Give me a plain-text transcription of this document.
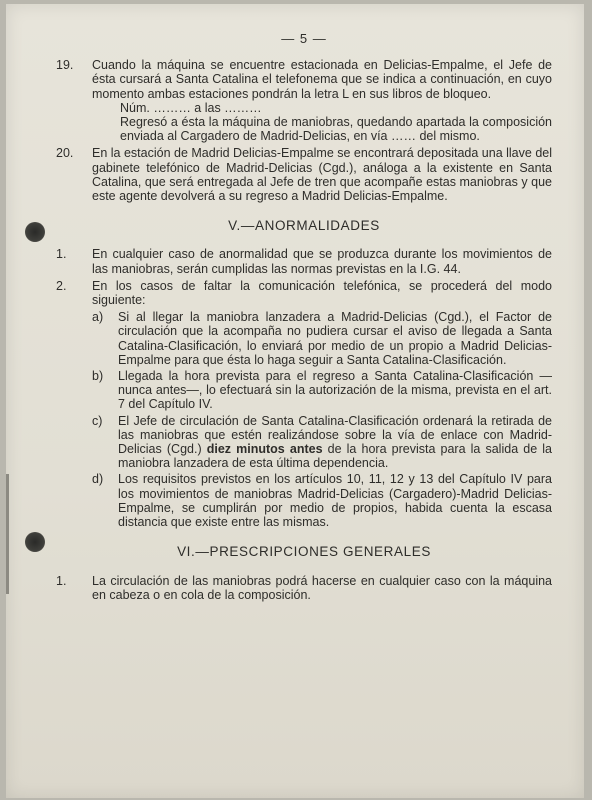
— 5 —
19. Cuando la máquina se encuentre estacionada en Delicias-Empalme, el Jefe de ésta cursará a Santa Catalina el telefonema que se indica a continuación, en cuyo momento ambas estaciones pondrán la letra L en sus libros de bloqueo.
Núm. ……… a las ………
Regresó a ésta la máquina de maniobras, quedando apartada la composición enviada al Cargadero de Madrid-Delicias, en vía …… del mismo.
20. En la estación de Madrid Delicias-Empalme se encontrará depositada una llave del gabinete telefónico de Madrid-Delicias (Cgd.), análoga a la existente en Santa Catalina, que será entregada al Jefe de tren que acompañe estas maniobras y que este agente devolverá a su regreso a Madrid Delicias-Empalme.
V.—ANORMALIDADES
1. En cualquier caso de anormalidad que se produzca durante los movimientos de las maniobras, serán cumplidas las normas previstas en la I.G. 44.
2. En los casos de faltar la comunicación telefónica, se procederá del modo siguiente:
a) Si al llegar la maniobra lanzadera a Madrid-Delicias (Cgd.), el Factor de circulación que la acompaña no pudiera cursar el aviso de llegada a Santa Catalina-Clasificación, lo enviará por medio de un propio a Madrid Delicias-Empalme para que ésta lo haga seguir a Santa Catalina-Clasificación.
b) Llegada la hora prevista para el regreso a Santa Catalina-Clasificación —nunca antes—, lo efectuará sin la autorización de la misma, prevista en el art. 7 del Capítulo IV.
c) El Jefe de circulación de Santa Catalina-Clasificación ordenará la retirada de las maniobras que estén realizándose sobre la vía de enlace con Madrid-Delicias (Cgd.) diez minutos antes de la hora prevista para la salida de la maniobra lanzadera de esta última dependencia.
d) Los requisitos previstos en los artículos 10, 11, 12 y 13 del Capítulo IV para los movimientos de maniobras Madrid-Delicias (Cargadero)-Madrid Delicias-Empalme, se cumplirán por medio de propios, habida cuenta la escasa distancia que existe entre las mismas.
VI.—PRESCRIPCIONES GENERALES
1. La circulación de las maniobras podrá hacerse en cualquier caso con la máquina en cabeza o en cola de la composición.
